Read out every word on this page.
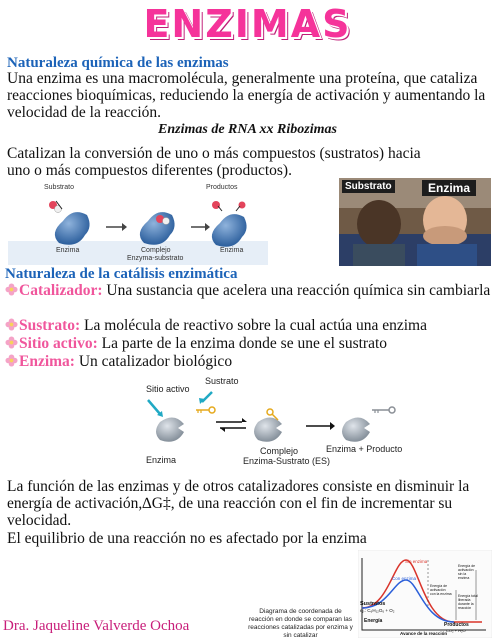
ENZIMAS
Naturaleza química de las enzimas
Una enzima es una macromolécula, generalmente una proteína, que cataliza reacciones bioquímicas, reduciendo la energía de activación y aumentando la velocidad de la reacción.
Enzimas de RNA xx Ribozimas
Catalizan la conversión de uno o más compuestos (sustratos) hacia uno o más compuestos diferentes (productos).
Substrato	Productos
Enzima	Complejo
Enzyma-substrato
Enzima
Substrato	Enzima
Naturaleza de la catálisis enzimática
Catalizador: Una sustancia que acelera una reacción química sin cambiarla
Sustrato: La molécula de reactivo sobre la cual actúa una enzima
Sitio activo: La parte de la enzima donde se une el sustrato
Enzima: Un catalizador biológico
Sitio activo
Sustrato
Enzima
Complejo
Enzima-Sustrato (ES)
Enzima + Producto
La función de las enzimas y de otros catalizadores consiste en disminuir la energía de activación,∆G‡, de una reacción con el fin de incrementar su velocidad.
El equilibrio de una reacción no es afectado por la enzima
Sin enzima
Con enzima
Sustratos
ej.: C₆H₁₂O₆ + O₂
Productos
CO₂ + H₂O
Energía
Avance de la reacción
Energía de activación sin la enzima
Energía de activación con la enzima Energía total liberada durante la reacción
Dra. Jaqueline Valverde Ochoa
Diagrama de coordenada de reacción en donde se comparan las reacciones catalizadas por enzima y sin catalizar
